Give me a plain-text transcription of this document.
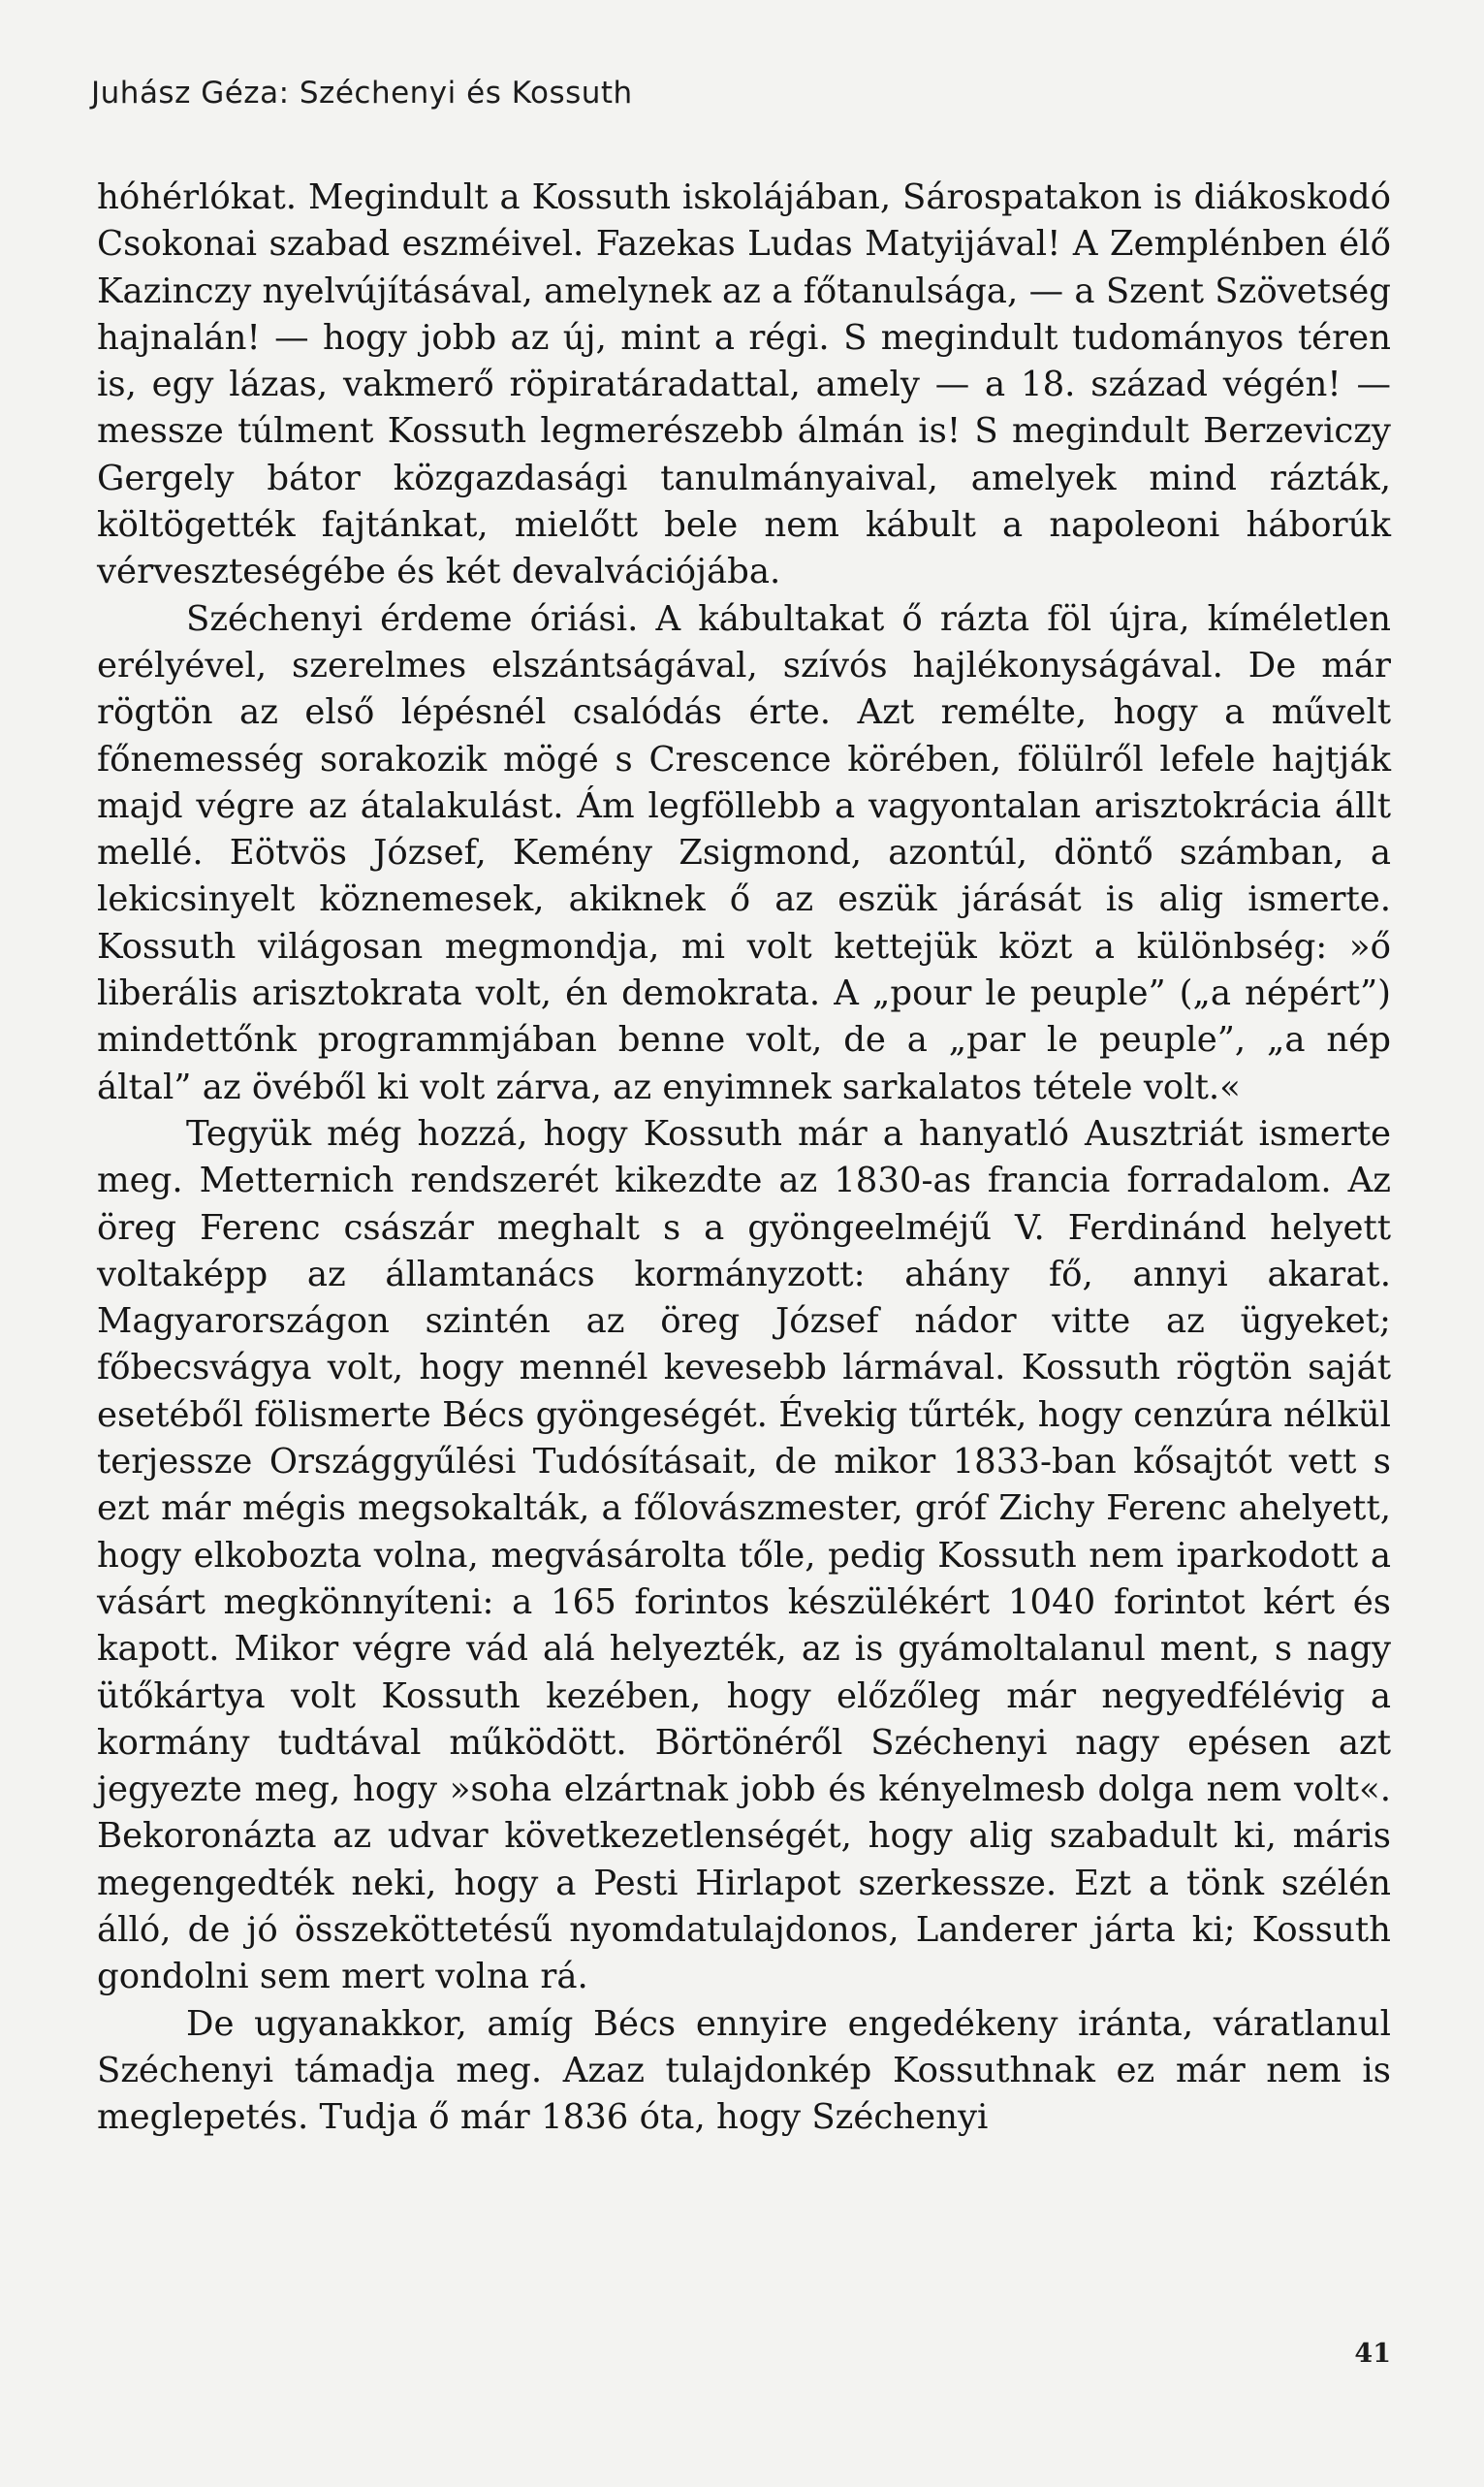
Juhász Géza: Széchenyi és Kossuth

hóhérlókat. Megindult a Kossuth iskolájában, Sárospatakon is diákoskodó Csokonai szabad eszméivel. Fazekas Ludas Matyijával! A Zemplénben élő Kazinczy nyelvújításával, amelynek az a főtanulsága, — a Szent Szövetség hajnalán! — hogy jobb az új, mint a régi. S megindult tudományos téren is, egy lázas, vakmerő röpiratáradattal, amely — a 18. század végén! — messze túlment Kossuth legmerészebb álmán is! S megindult Berzeviczy Gergely bátor közgazdasági tanulmányaival, amelyek mind rázták, költögették fajtánkat, mielőtt bele nem kábult a napoleoni háborúk vérveszteségébe és két devalvációjába.

Széchenyi érdeme óriási. A kábultakat ő rázta föl újra, kíméletlen erélyével, szerelmes elszántságával, szívós hajlékonyságával. De már rögtön az első lépésnél csalódás érte. Azt remélte, hogy a művelt főnemesség sorakozik mögé s Crescence körében, fölülről lefele hajtják majd végre az átalakulást. Ám legföllebb a vagyontalan arisztokrácia állt mellé. Eötvös József, Kemény Zsigmond, azontúl, döntő számban, a lekicsinyelt köznemesek, akiknek ő az eszük járását is alig ismerte. Kossuth világosan megmondja, mi volt kettejük közt a különbség: »ő liberális arisztokrata volt, én demokrata. A „pour le peuple” („a népért”) mindettőnk programmjában benne volt, de a „par le peuple”, „a nép által” az övéből ki volt zárva, az enyimnek sarkalatos tétele volt.«

Tegyük még hozzá, hogy Kossuth már a hanyatló Ausztriát ismerte meg. Metternich rendszerét kikezdte az 1830-as francia forradalom. Az öreg Ferenc császár meghalt s a gyöngeelméjű V. Ferdinánd helyett voltaképp az államtanács kormányzott: ahány fő, annyi akarat. Magyarországon szintén az öreg József nádor vitte az ügyeket; főbecsvágya volt, hogy mennél kevesebb lármával. Kossuth rögtön saját esetéből fölismerte Bécs gyöngeségét. Évekig tűrték, hogy cenzúra nélkül terjessze Országgyűlési Tudósításait, de mikor 1833-ban kősajtót vett s ezt már mégis megsokalták, a főlovászmester, gróf Zichy Ferenc ahelyett, hogy elkobozta volna, megvásárolta tőle, pedig Kossuth nem iparkodott a vásárt megkönnyíteni: a 165 forintos készülékért 1040 forintot kért és kapott. Mikor végre vád alá helyezték, az is gyámoltalanul ment, s nagy ütőkártya volt Kossuth kezében, hogy előzőleg már negyedfélévig a kormány tudtával működött. Börtönéről Széchenyi nagy epésen azt jegyezte meg, hogy »soha elzártnak jobb és kényelmesb dolga nem volt«. Bekoronázta az udvar következetlenségét, hogy alig szabadult ki, máris megengedték neki, hogy a Pesti Hirlapot szerkessze. Ezt a tönk szélén álló, de jó összeköttetésű nyomdatulajdonos, Landerer járta ki; Kossuth gondolni sem mert volna rá.

De ugyanakkor, amíg Bécs ennyire engedékeny iránta, váratlanul Széchenyi támadja meg. Azaz tulajdonkép Kossuthnak ez már nem is meglepetés. Tudja ő már 1836 óta, hogy Széchenyi

41
